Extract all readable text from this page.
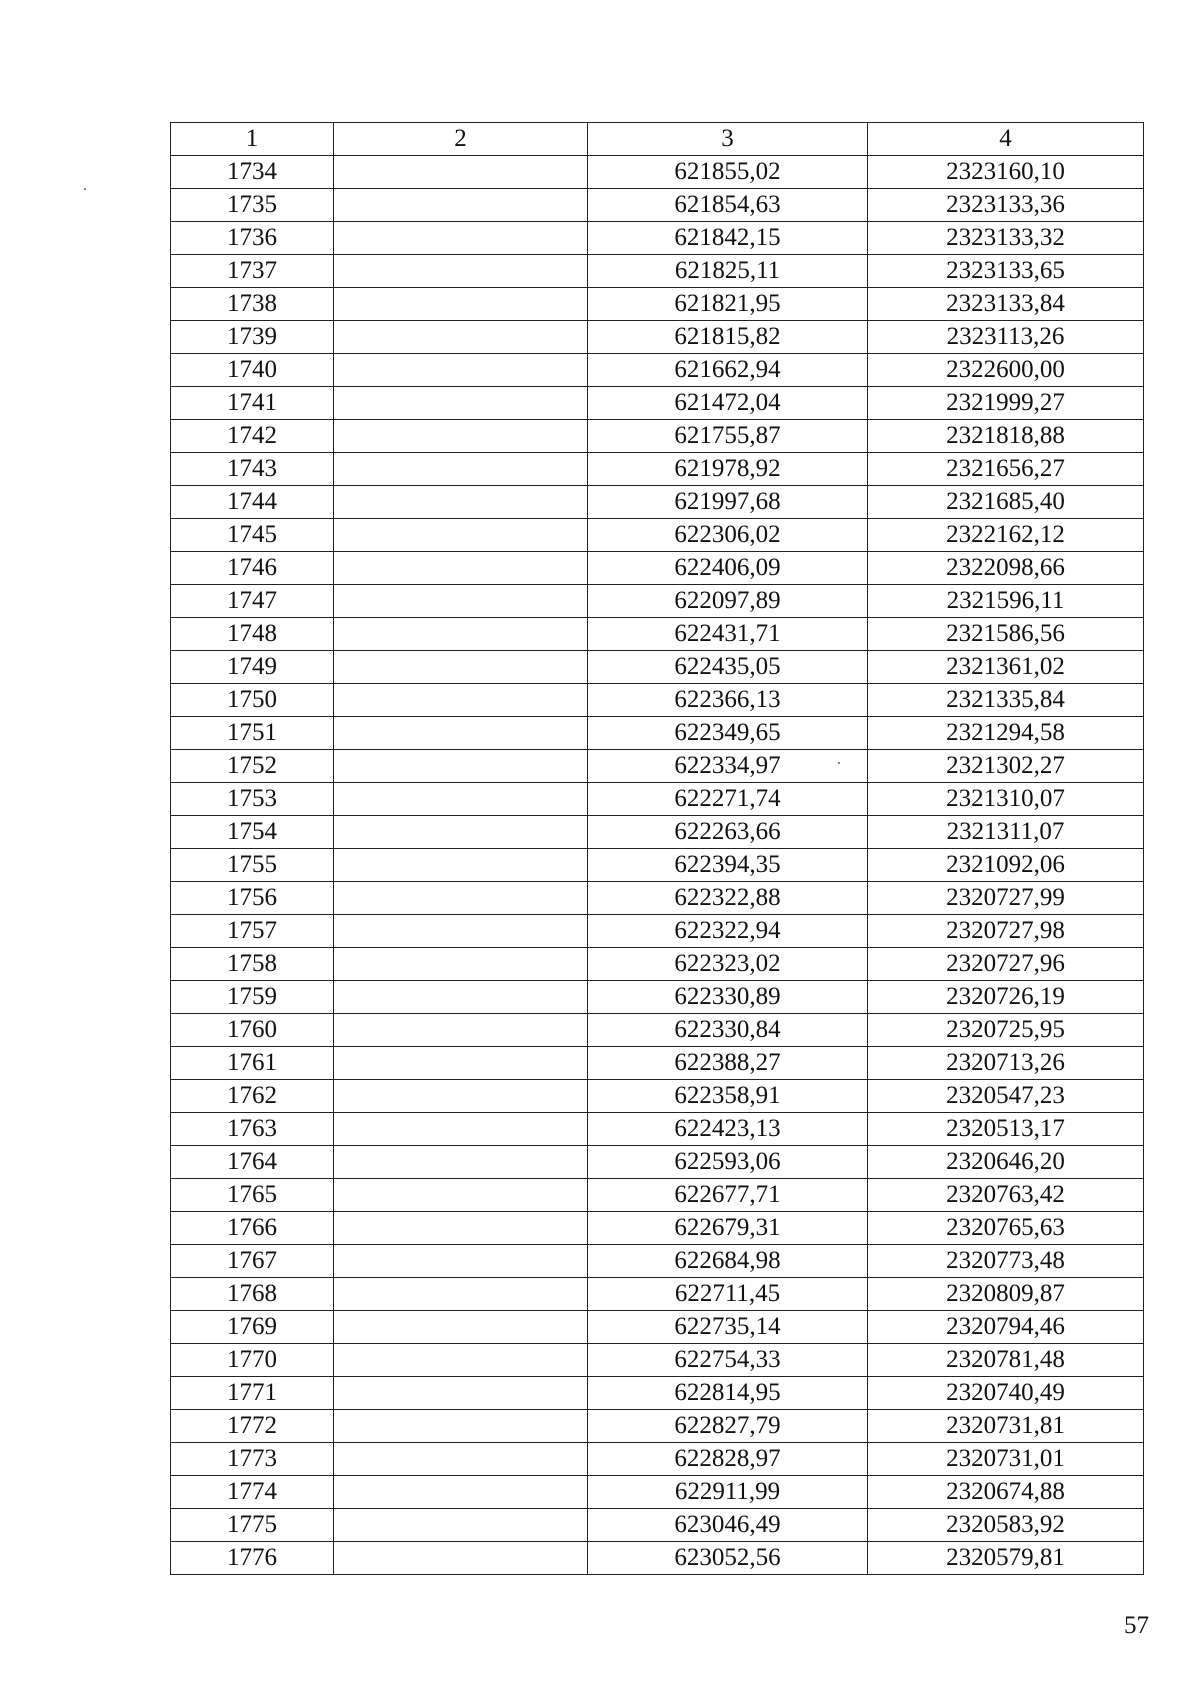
1	2	3	4
1734		621855,02	2323160,10
1735		621854,63	2323133,36
1736		621842,15	2323133,32
1737		621825,11	2323133,65
1738		621821,95	2323133,84
1739		621815,82	2323113,26
1740		621662,94	2322600,00
1741		621472,04	2321999,27
1742		621755,87	2321818,88
1743		621978,92	2321656,27
1744		621997,68	2321685,40
1745		622306,02	2322162,12
1746		622406,09	2322098,66
1747		622097,89	2321596,11
1748		622431,71	2321586,56
1749		622435,05	2321361,02
1750		622366,13	2321335,84
1751		622349,65	2321294,58
1752		622334,97	2321302,27
1753		622271,74	2321310,07
1754		622263,66	2321311,07
1755		622394,35	2321092,06
1756		622322,88	2320727,99
1757		622322,94	2320727,98
1758		622323,02	2320727,96
1759		622330,89	2320726,19
1760		622330,84	2320725,95
1761		622388,27	2320713,26
1762		622358,91	2320547,23
1763		622423,13	2320513,17
1764		622593,06	2320646,20
1765		622677,71	2320763,42
1766		622679,31	2320765,63
1767		622684,98	2320773,48
1768		622711,45	2320809,87
1769		622735,14	2320794,46
1770		622754,33	2320781,48
1771		622814,95	2320740,49
1772		622827,79	2320731,81
1773		622828,97	2320731,01
1774		622911,99	2320674,88
1775		623046,49	2320583,92
1776		623052,56	2320579,81
57
